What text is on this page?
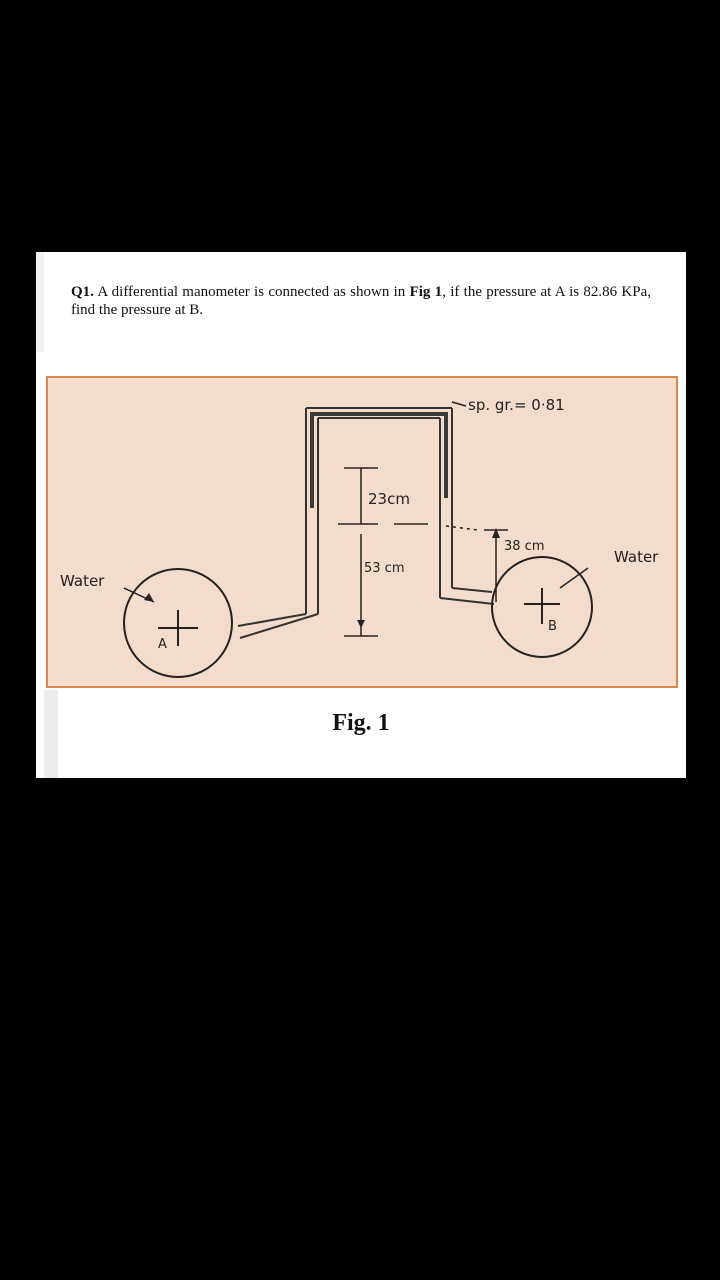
Q1. A differential manometer is connected as shown in Fig 1, if the pressure at A is 82.86 KPa, find the pressure at B.
Water
Water
sp. gr.= 0·81
23cm
53 cm
38 cm
A
B
Fig. 1
